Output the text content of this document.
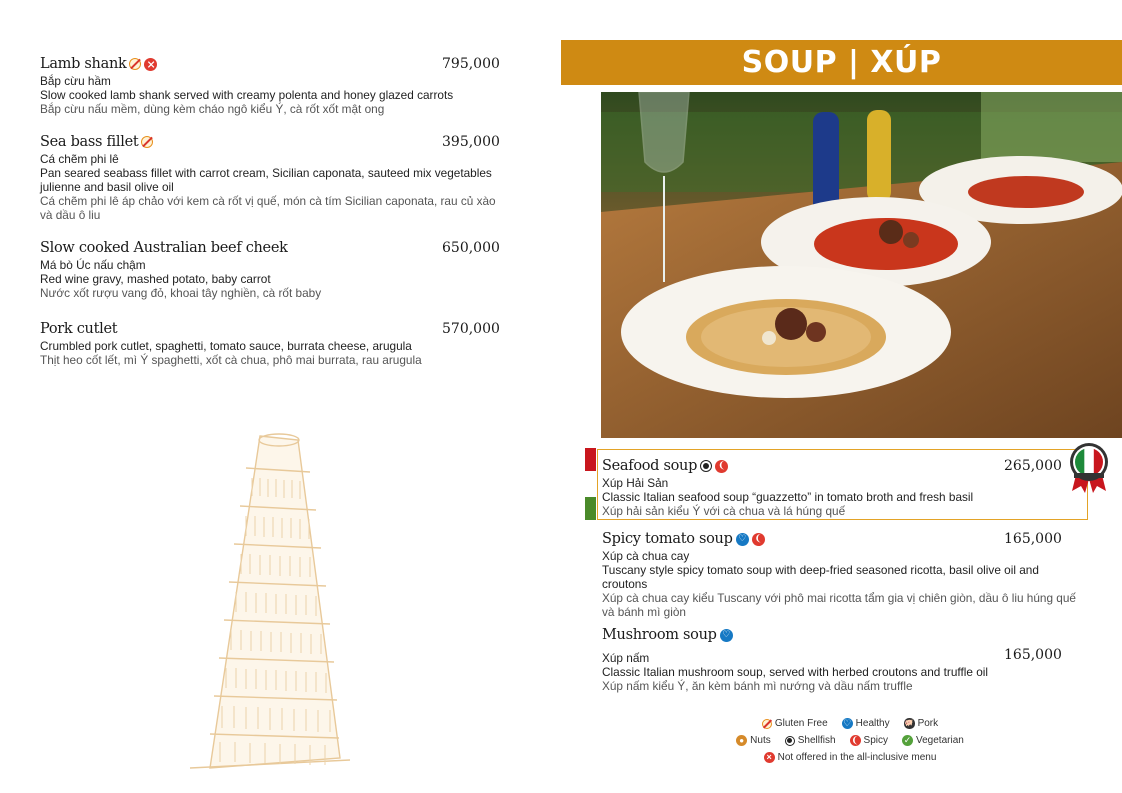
Lamb shank ×	795,000
Bắp cừu hầm
Slow cooked lamb shank served with creamy polenta and honey glazed carrots
Bắp cừu nấu mềm, dùng kèm cháo ngô kiểu Ý, cà rốt xốt mật ong
Sea bass fillet	395,000
Cá chẽm phi lê
Pan seared seabass fillet with carrot cream, Sicilian caponata, sauteed mix vegetables julienne and basil olive oil
Cá chẽm phi lê áp chảo với kem cà rốt vị quế, món cà tím Sicilian caponata, rau củ xào và dầu ô liu
Slow cooked Australian beef cheek	650,000
Má bò Úc nấu chậm
Red wine gravy, mashed potato, baby carrot
Nước xốt rượu vang đỏ, khoai tây nghiền, cà rốt baby
Pork cutlet	570,000
Crumbled pork cutlet, spaghetti, tomato sauce, burrata cheese, arugula
Thịt heo cốt lết, mì Ý spaghetti, xốt cà chua, phô mai burrata, rau arugula
SOUP | XÚP
Seafood soup	❨	265,000
Xúp Hải Sản
Classic Italian seafood soup “guazzetto” in tomato broth and fresh basil
Xúp hải sản kiểu Ý với cà chua và lá húng quế
Spicy tomato soup ♡ ❨	165,000
Xúp cà chua cay
Tuscany style spicy tomato soup with deep-fried seasoned ricotta, basil olive oil and croutons
Xúp cà chua cay kiểu Tuscany với phô mai ricotta tẩm gia vị chiên giòn, dầu ô liu húng quế và bánh mì giòn
Mushroom soup ♡
165,000
Xúp nấm
Classic Italian mushroom soup, served with herbed croutons and truffle oil
Xúp nấm kiểu Ý, ăn kèm bánh mì nướng và dầu nấm truffle
Gluten Free ♡ Healthy 🐖 Pork
● Nuts	Shellfish ❨ Spicy ✓ Vegetarian
× Not offered in the all-inclusive menu
